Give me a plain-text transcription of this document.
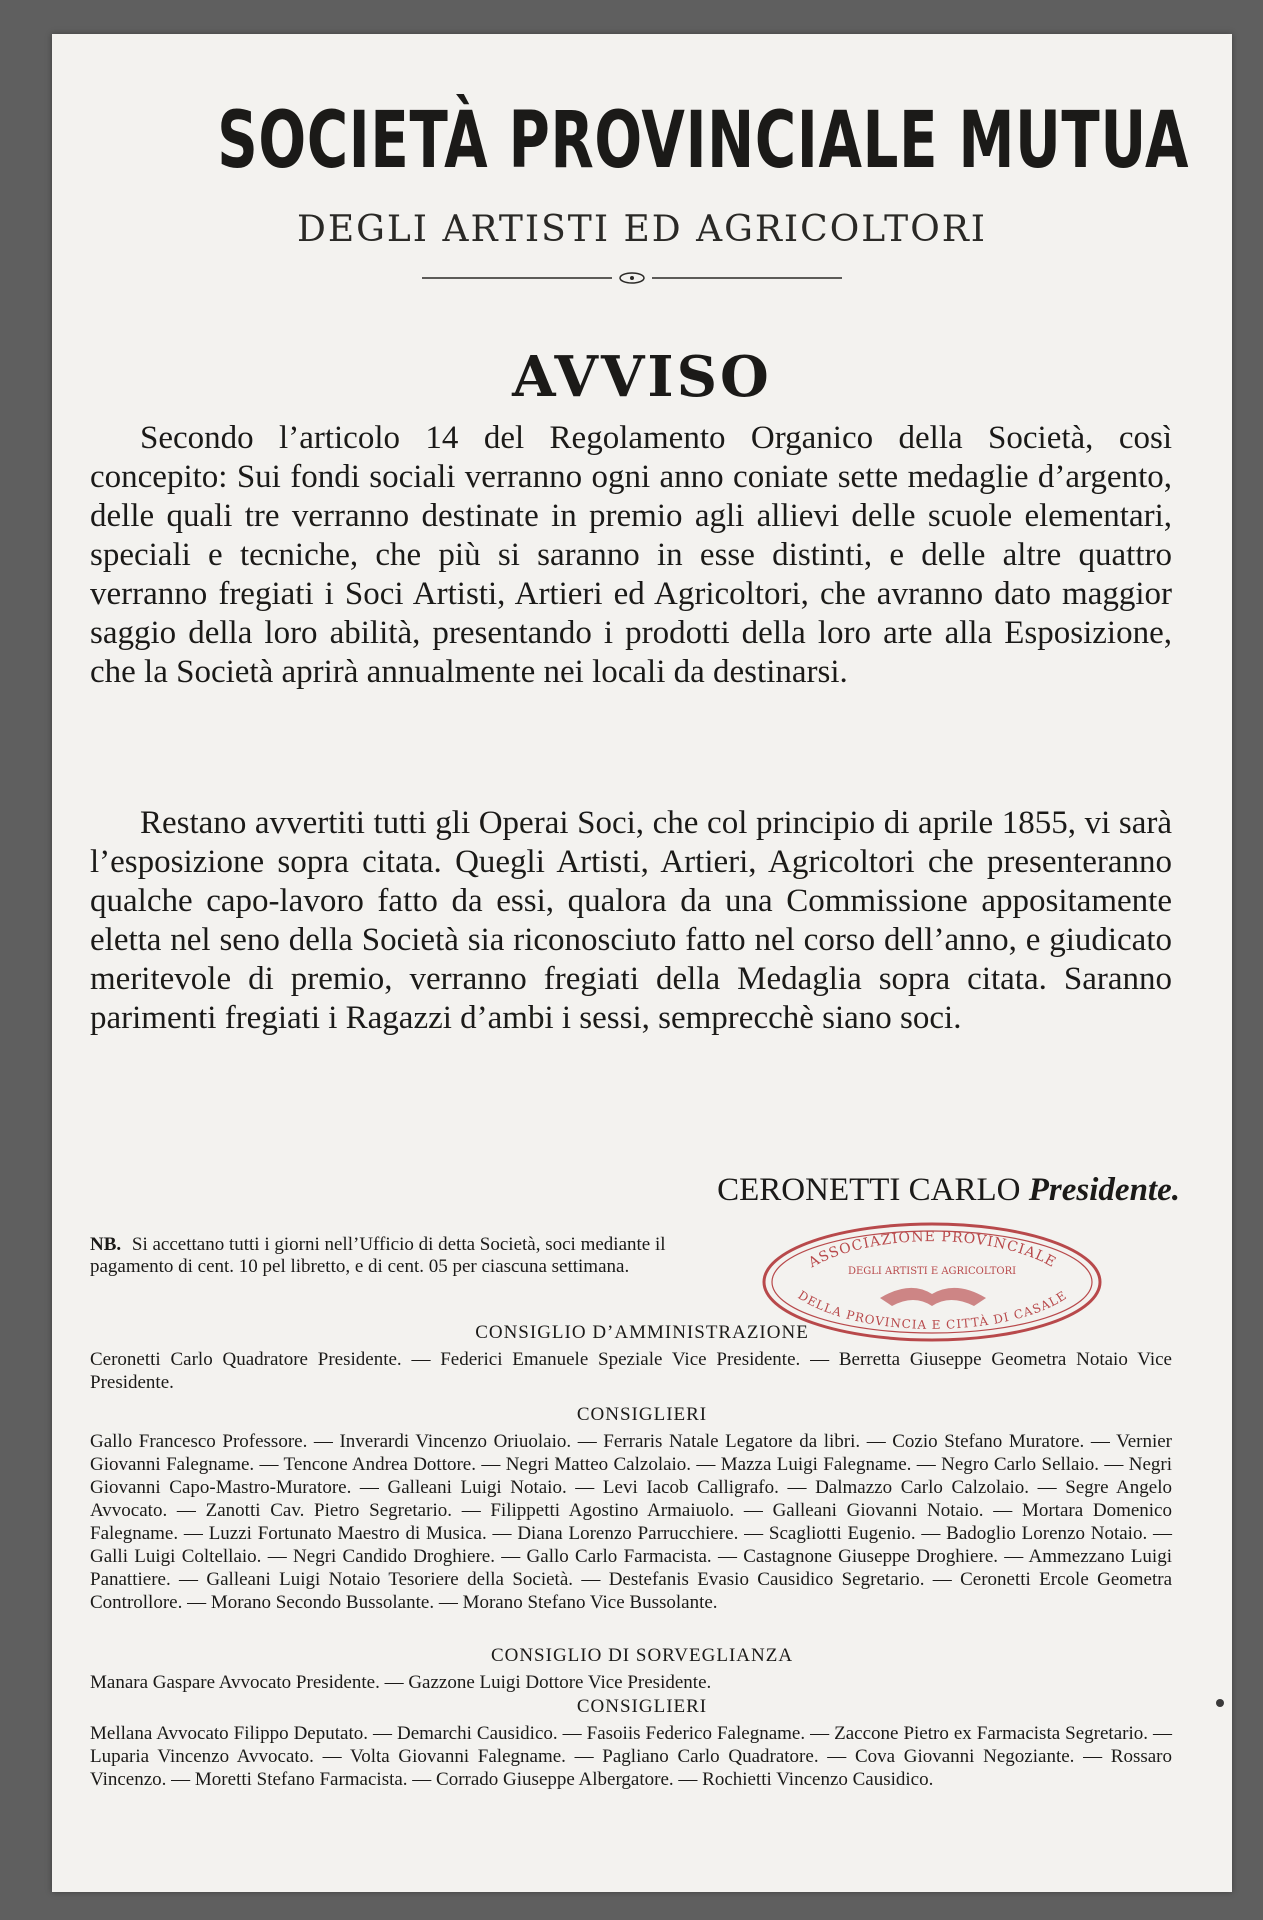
SOCIETÀ PROVINCIALE MUTUA
DEGLI ARTISTI ED AGRICOLTORI
AVVISO

Secondo l’articolo 14 del Regolamento Organico della Società, così concepito: Sui fondi sociali verranno ogni anno coniate sette medaglie d’argento, delle quali tre verranno destinate in premio agli allievi delle scuole elementari, speciali e tecniche, che più si saranno in esse distinti, e delle altre quattro verranno fregiati i Soci Artisti, Artieri ed Agricoltori, che avranno dato maggior saggio della loro abilità, presentando i prodotti della loro arte alla Esposizione, che la Società aprirà annualmente nei locali da destinarsi.

Restano avvertiti tutti gli Operai Soci, che col principio di aprile 1855, vi sarà l’esposizione sopra citata. Quegli Artisti, Artieri, Agricoltori che presenteranno qualche capo-lavoro fatto da essi, qualora da una Commissione appositamente eletta nel seno della Società sia riconosciuto fatto nel corso dell’anno, e giudicato meritevole di premio, verranno fregiati della Medaglia sopra citata. Saranno parimenti fregiati i Ragazzi d’ambi i sessi, semprecchè siano soci.

CERONETTI CARLO Presidente.
NB. Si accettano tutti i giorni nell’Ufficio di detta Società, soci mediante il pagamento di cent. 10 pel libretto, e di cent. 05 per ciascuna settimana.	ASSOCIAZIONE PROVINCIALE
DEGLI ARTISTI E AGRICOLTORI
DELLA PROVINCIA E CITTÀ DI CASALE
CONSIGLIO D’AMMINISTRAZIONE
Ceronetti Carlo Quadratore Presidente. — Federici Emanuele Speziale Vice Presidente. — Berretta Giuseppe Geometra Notaio Vice Presidente.
CONSIGLIERI
Gallo Francesco Professore. — Inverardi Vincenzo Oriuolaio. — Ferraris Natale Legatore da libri. — Cozio Stefano Muratore. — Vernier Giovanni Falegname. — Tencone Andrea Dottore. — Negri Matteo Calzolaio. — Mazza Luigi Falegname. — Negro Carlo Sellaio. — Negri Giovanni Capo-Mastro-Muratore. — Galleani Luigi Notaio. — Levi Iacob Calligrafo. — Dalmazzo Carlo Calzolaio. — Segre Angelo Avvocato. — Zanotti Cav. Pietro Segretario. — Filippetti Agostino Armaiuolo. — Galleani Giovanni Notaio. — Mortara Domenico Falegname. — Luzzi Fortunato Maestro di Musica. — Diana Lorenzo Parrucchiere. — Scagliotti Eugenio. — Badoglio Lorenzo Notaio. — Galli Luigi Coltellaio. — Negri Candido Droghiere. — Gallo Carlo Farmacista. — Castagnone Giuseppe Droghiere. — Ammezzano Luigi Panattiere. — Galleani Luigi Notaio Tesoriere della Società. — Destefanis Evasio Causidico Segretario. — Ceronetti Ercole Geometra Controllore. — Morano Secondo Bussolante. — Morano Stefano Vice Bussolante.
CONSIGLIO DI SORVEGLIANZA
Manara Gaspare Avvocato Presidente. — Gazzone Luigi Dottore Vice Presidente.
CONSIGLIERI
Mellana Avvocato Filippo Deputato. — Demarchi Causidico. — Fasoiis Federico Falegname. — Zaccone Pietro ex Farmacista Segretario. — Luparia Vincenzo Avvocato. — Volta Giovanni Falegname. — Pagliano Carlo Quadratore. — Cova Giovanni Negoziante. — Rossaro Vincenzo. — Moretti Stefano Farmacista. — Corrado Giuseppe Albergatore. — Rochietti Vincenzo Causidico.
